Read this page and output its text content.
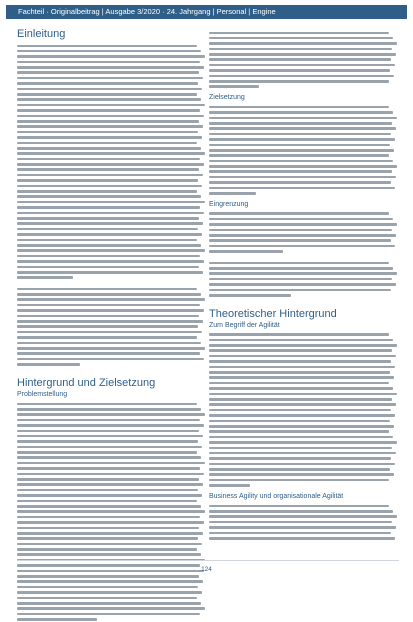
Fachteil · Originalbeitrag | Ausgabe 3/2020 · 24. Jahrgang | Personal | Engine
Einleitung
Hintergrund und Zielsetzung
Problemstellung
Zielsetzung
Eingrenzung
Theoretischer Hintergrund
Zum Begriff der Agilität
Business Agility und organisationale Agilität
124
